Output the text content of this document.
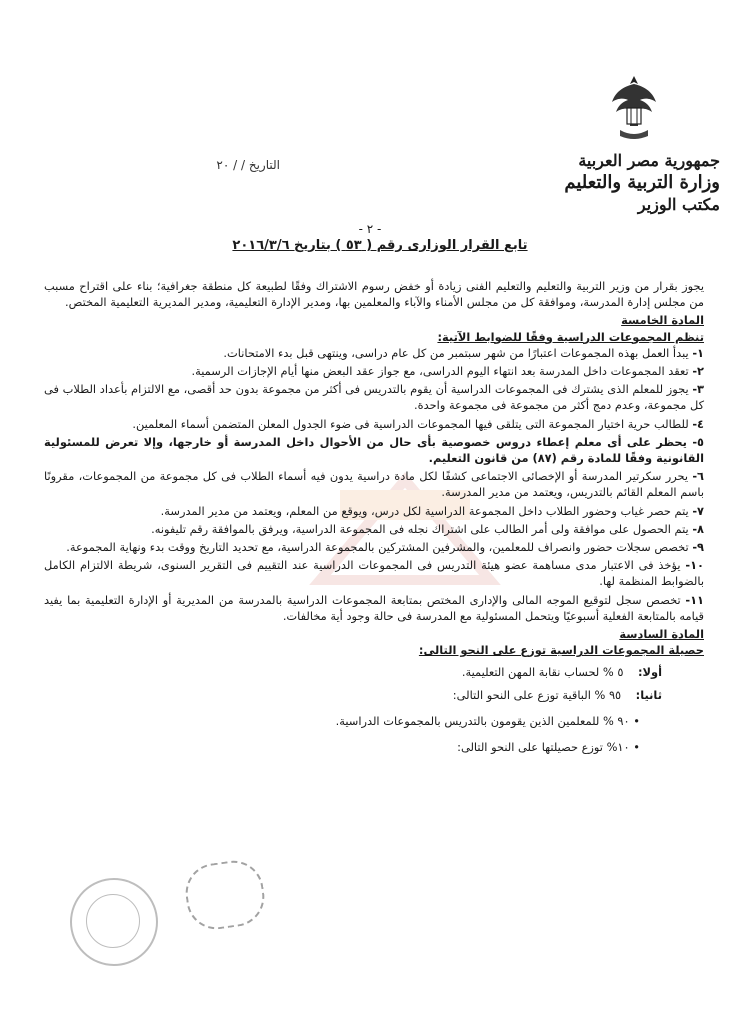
جمهورية مصر العربية
وزارة التربية والتعليم
مكتب الوزير
التاريخ / / ٢٠
- ٢ -
تابع القرار الوزارى رقم ( ٥٣ ) بتاريخ ٢٠١٦/٣/٦

يجوز بقرار من وزير التربية والتعليم والتعليم الفنى زيادة أو خفض رسوم الاشتراك وفقًا لطبيعة كل منطقة جغرافية؛ بناء على اقتراح مسبب من مجلس إدارة المدرسة، وموافقة كل من مجلس الأمناء والآباء والمعلمين بها، ومدير الإدارة التعليمية، ومدير المديرية التعليمية المختص.

المادة الخامسة

تنظم المجموعات الدراسية وفقًا للضوابط الآتية:

١- يبدأ العمل بهذه المجموعات اعتبارًا من شهر سبتمبر من كل عام دراسى، وينتهى قبل بدء الامتحانات.
٢- تعقد المجموعات داخل المدرسة بعد انتهاء اليوم الدراسى، مع جواز عقد البعض منها أيام الإجازات الرسمية.
٣- يجوز للمعلم الذى يشترك فى المجموعات الدراسية أن يقوم بالتدريس فى أكثر من مجموعة بدون حد أقصى، مع الالتزام بأعداد الطلاب فى كل مجموعة، وعدم دمج أكثر من مجموعة فى مجموعة واحدة.
٤- للطالب حرية اختيار المجموعة التى يتلقى فيها المجموعات الدراسية فى ضوء الجدول المعلن المتضمن أسماء المعلمين.
٥- يحظر على أى معلم إعطاء دروس خصوصية بأى حال من الأحوال داخل المدرسة أو خارجها، وإلا تعرض للمسئولية القانونية وفقًا للمادة رقم (٨٧) من قانون التعليم.
٦- يحرر سكرتير المدرسة أو الإخصائى الاجتماعى كشفًا لكل مادة دراسية يدون فيه أسماء الطلاب فى كل مجموعة من المجموعات، مقرونًا باسم المعلم القائم بالتدريس، ويعتمد من مدير المدرسة.
٧- يتم حصر غياب وحضور الطلاب داخل المجموعة الدراسية لكل درس، ويوقع من المعلم، ويعتمد من مدير المدرسة.
٨- يتم الحصول على موافقة ولى أمر الطالب على اشتراك نجله فى المجموعة الدراسية، ويرفق بالموافقة رقم تليفونه.
٩- تخصص سجلات حضور وانصراف للمعلمين، والمشرفين المشتركين بالمجموعة الدراسية، مع تحديد التاريخ ووقت بدء ونهاية المجموعة.
١٠- يؤخذ فى الاعتبار مدى مساهمة عضو هيئة التدريس فى المجموعات الدراسية عند التقييم فى التقرير السنوى، شريطة الالتزام الكامل بالضوابط المنظمة لها.
١١- تخصص سجل لتوقيع الموجه المالى والإدارى المختص بمتابعة المجموعات الدراسية بالمدرسة من المديرية أو الإدارة التعليمية بما يفيد قيامه بالمتابعة الفعلية أسبوعيًا ويتحمل المسئولية مع المدرسة فى حالة وجود أية مخالفات.

المادة السادسة

حصيلة المجموعات الدراسية توزع على النحو التالى:

أولا:    ٥ % لحساب نقابة المهن التعليمية.
ثانيا:    ٩٥ % الباقية توزع على النحو التالى:
• ٩٠ % للمعلمين الذين يقومون بالتدريس بالمجموعات الدراسية.
• ١٠% توزع حصيلتها على النحو التالى:
